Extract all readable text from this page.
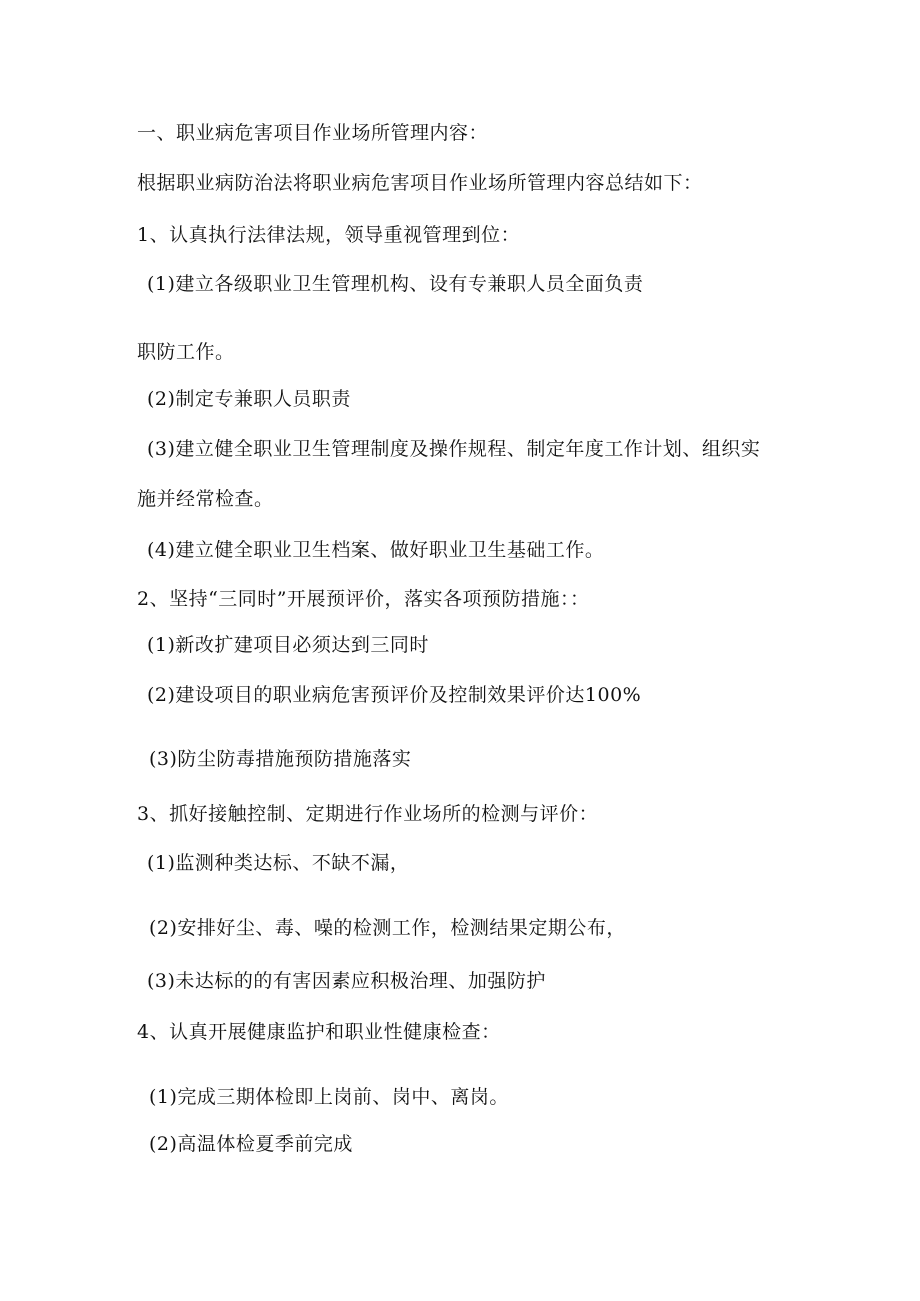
一、职业病危害项目作业场所管理内容：
根据职业病防治法将职业病危害项目作业场所管理内容总结如下：
1、认真执行法律法规，领导重视管理到位：
(1)建立各级职业卫生管理机构、设有专兼职人员全面负责
职防工作。
(2)制定专兼职人员职责
(3)建立健全职业卫生管理制度及操作规程、制定年度工作计划、组织实
施并经常检查。
(4)建立健全职业卫生档案、做好职业卫生基础工作。
2、坚持“三同时”开展预评价，落实各项预防措施：：
(1)新改扩建项目必须达到三同时
(2)建设项目的职业病危害预评价及控制效果评价达100%
(3)防尘防毒措施预防措施落实
3、抓好接触控制、定期进行作业场所的检测与评价：
(1)监测种类达标、不缺不漏，
(2)安排好尘、毒、噪的检测工作，检测结果定期公布，
(3)未达标的的有害因素应积极治理、加强防护
4、认真开展健康监护和职业性健康检查：
(1)完成三期体检即上岗前、岗中、离岗。
(2)高温体检夏季前完成
